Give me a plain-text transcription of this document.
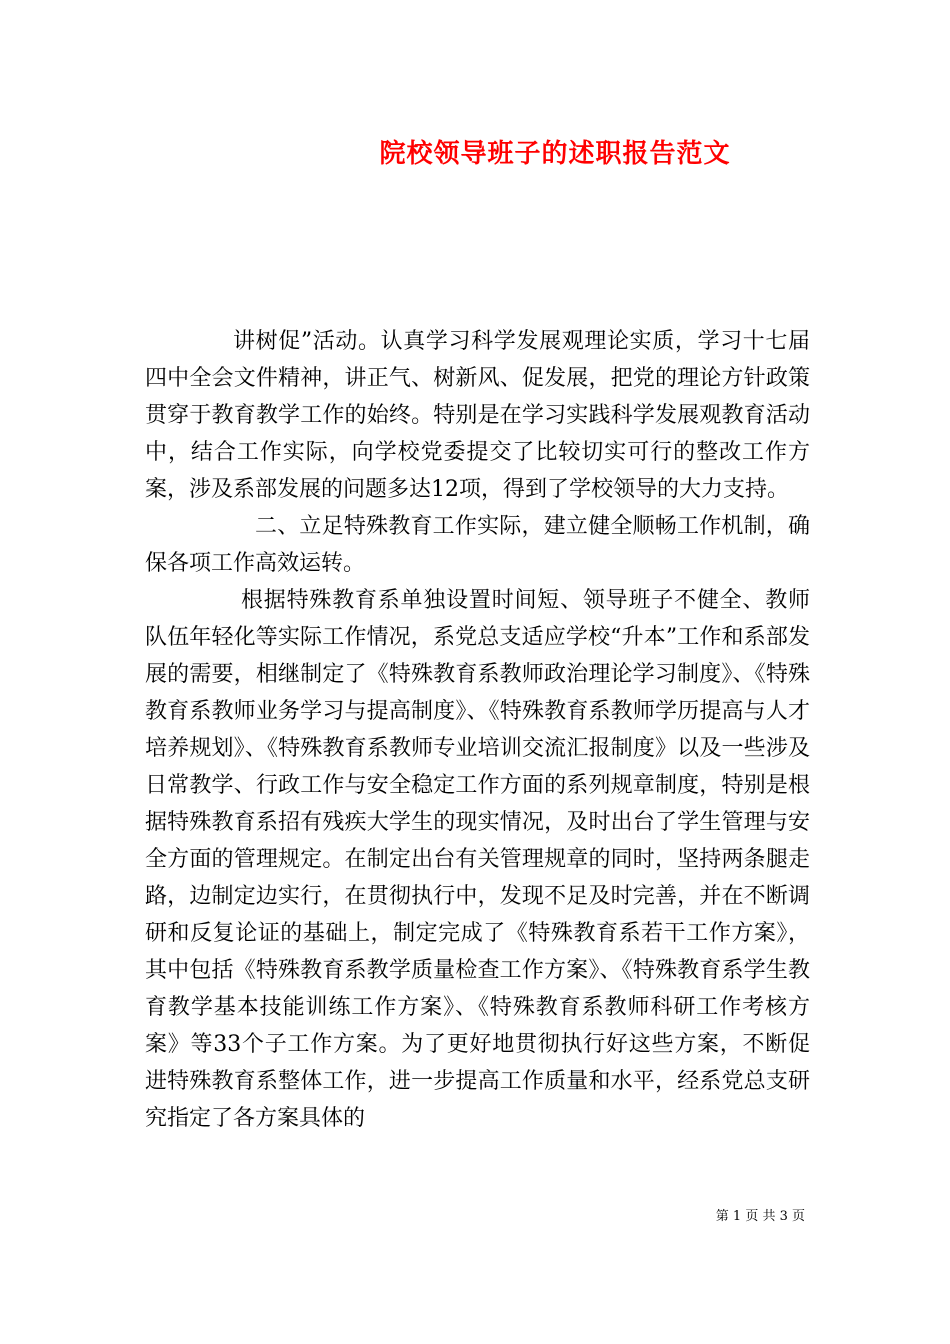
院校领导班子的述职报告范文

讲树促”活动。认真学习科学发展观理论实质，学习十七届四中全会文件精神，讲正气、树新风、促发展，把党的理论方针政策贯穿于教育教学工作的始终。特别是在学习实践科学发展观教育活动中，结合工作实际，向学校党委提交了比较切实可行的整改工作方案，涉及系部发展的问题多达12项，得到了学校领导的大力支持。

二、立足特殊教育工作实际，建立健全顺畅工作机制，确保各项工作高效运转。

根据特殊教育系单独设置时间短、领导班子不健全、教师队伍年轻化等实际工作情况，系党总支适应学校“升本”工作和系部发展的需要，相继制定了《特殊教育系教师政治理论学习制度》、《特殊教育系教师业务学习与提高制度》、《特殊教育系教师学历提高与人才培养规划》、《特殊教育系教师专业培训交流汇报制度》以及一些涉及日常教学、行政工作与安全稳定工作方面的系列规章制度，特别是根据特殊教育系招有残疾大学生的现实情况，及时出台了学生管理与安全方面的管理规定。在制定出台有关管理规章的同时，坚持两条腿走路，边制定边实行，在贯彻执行中，发现不足及时完善，并在不断调研和反复论证的基础上，制定完成了《特殊教育系若干工作方案》，其中包括《特殊教育系教学质量检查工作方案》、《特殊教育系学生教育教学基本技能训练工作方案》、《特殊教育系教师科研工作考核方案》等33个子工作方案。为了更好地贯彻执行好这些方案，不断促进特殊教育系整体工作，进一步提高工作质量和水平，经系党总支研究指定了各方案具体的

第 1 页 共 3 页
